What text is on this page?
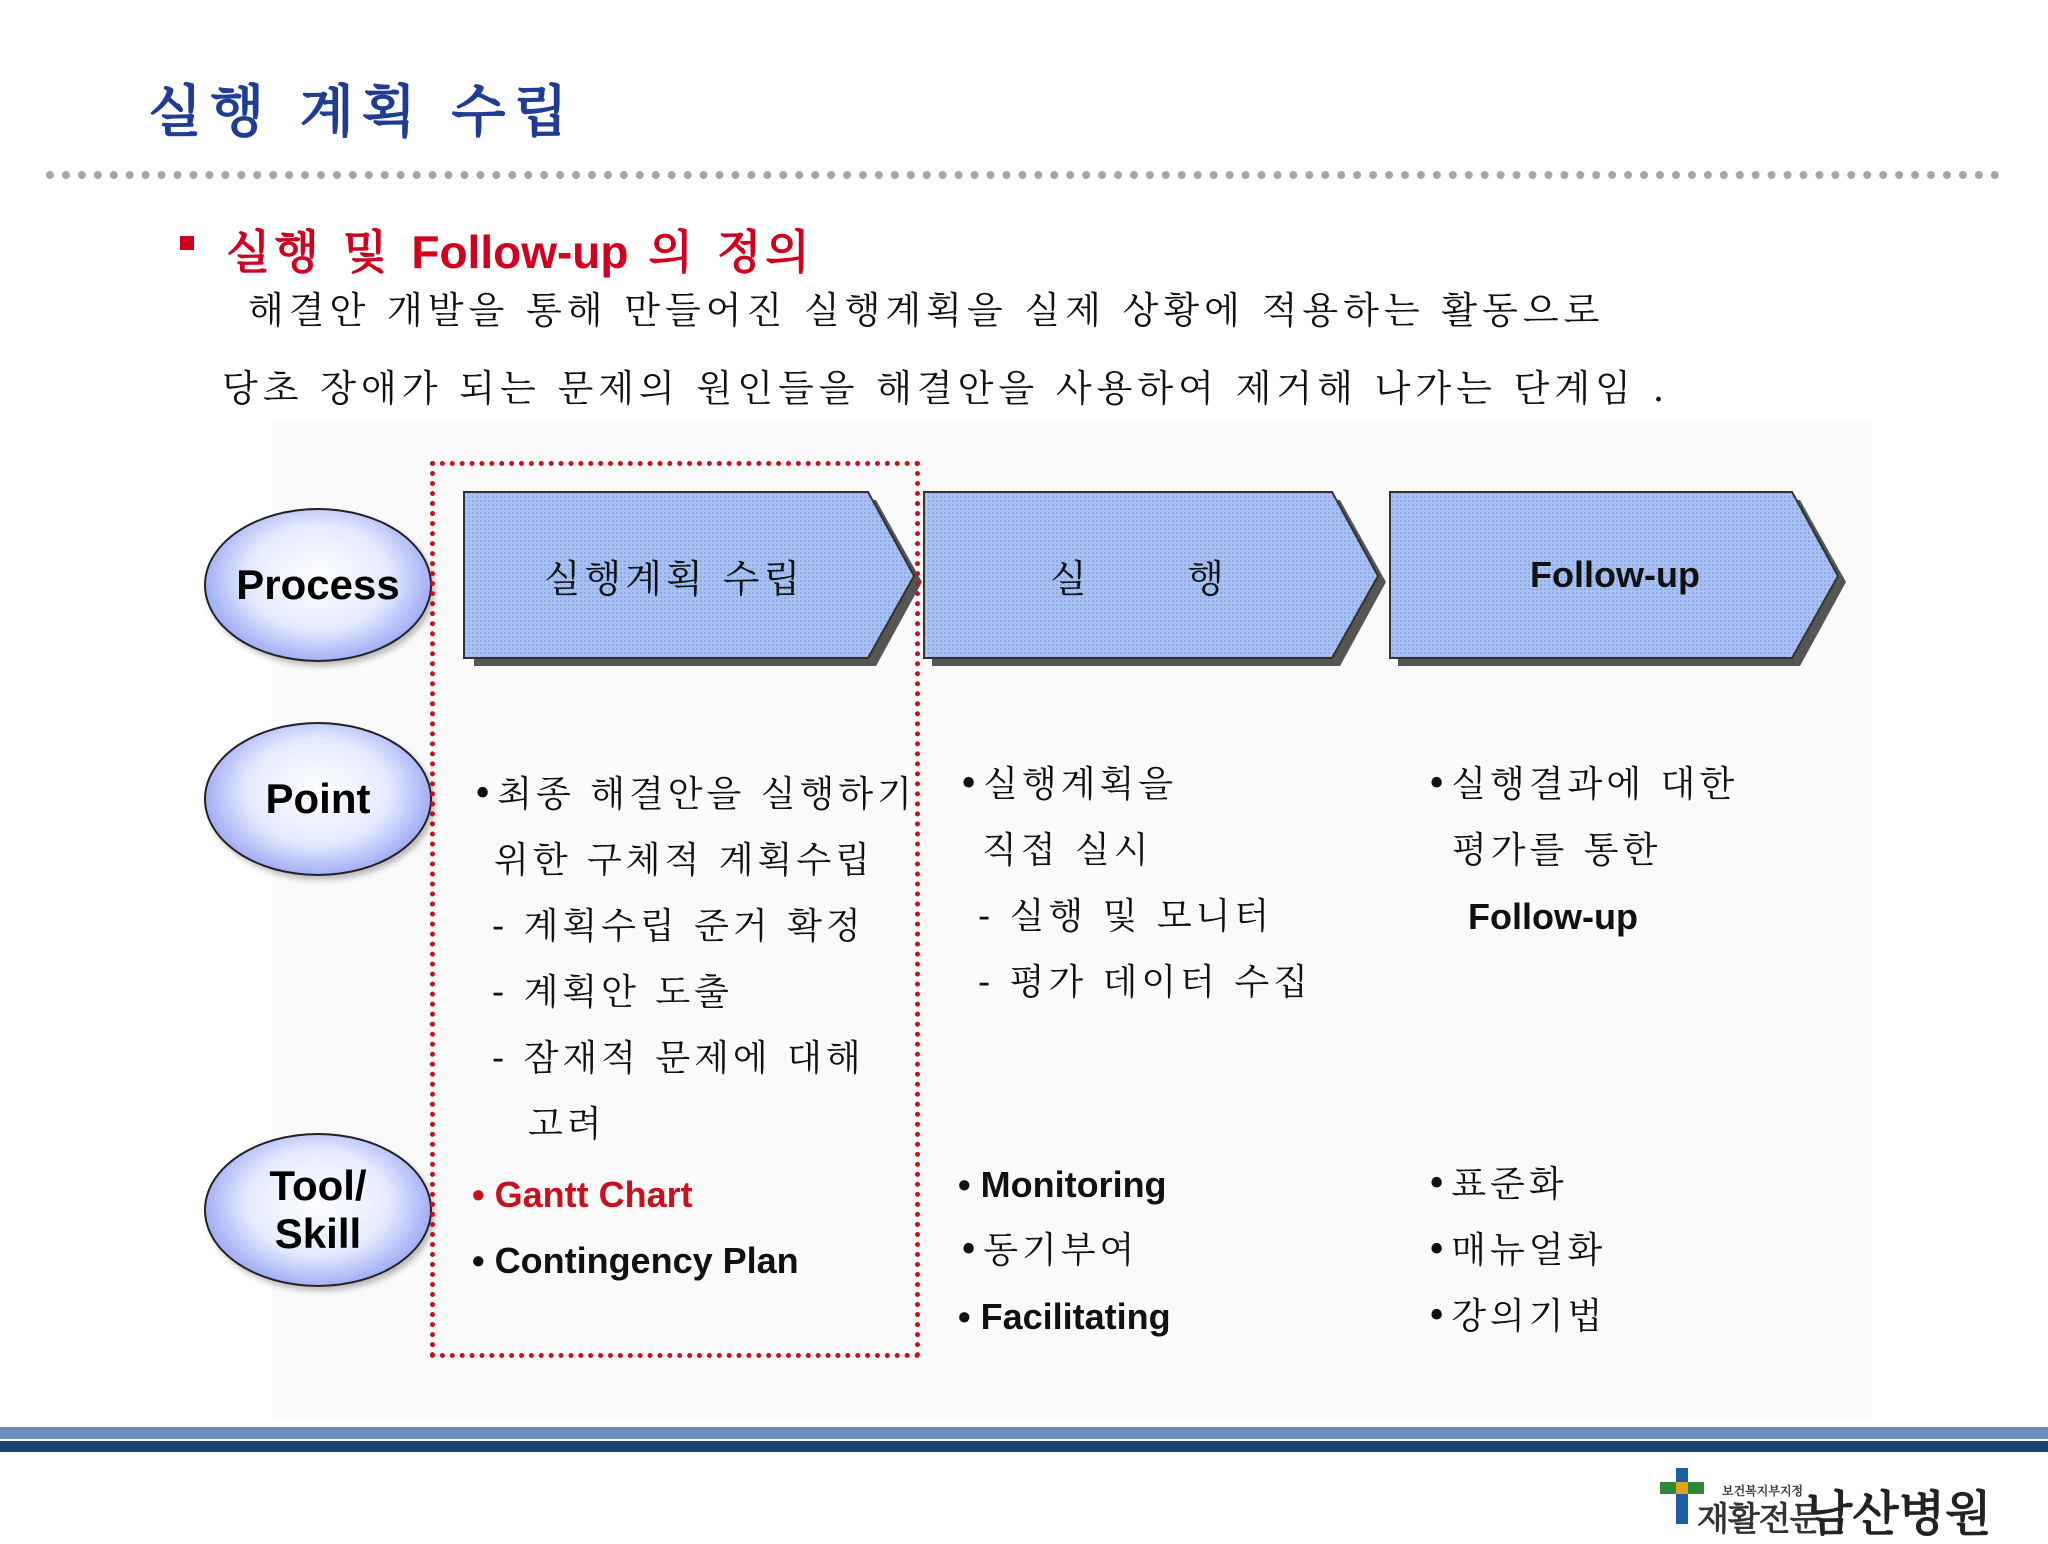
실행 계획 수립
실행 및 Follow-up 의 정의
해결안 개발을 통해 만들어진 실행계획을 실제 상황에 적용하는 활동으로
당초 장애가 되는 문제의 원인들을 해결안을 사용하여 제거해 나가는 단계임 .
Process
Point
Tool/
Skill
실행계획 수립	실      행	Follow-up
•최종 해결안을 실행하기
위한 구체적 계획수립
- 계획수립 준거 확정
- 계획안 도출
- 잠재적 문제에 대해
고려
•실행계획을
직접 실시
- 실행 및 모니터
- 평가 데이터 수집
•실행결과에 대한
평가를 통한
Follow-up
• Gantt Chart
• Contingency Plan
• Monitoring
•동기부여
• Facilitating
•표준화
•매뉴얼화
•강의기법
보건복지부지정
재활전문
남산병원
